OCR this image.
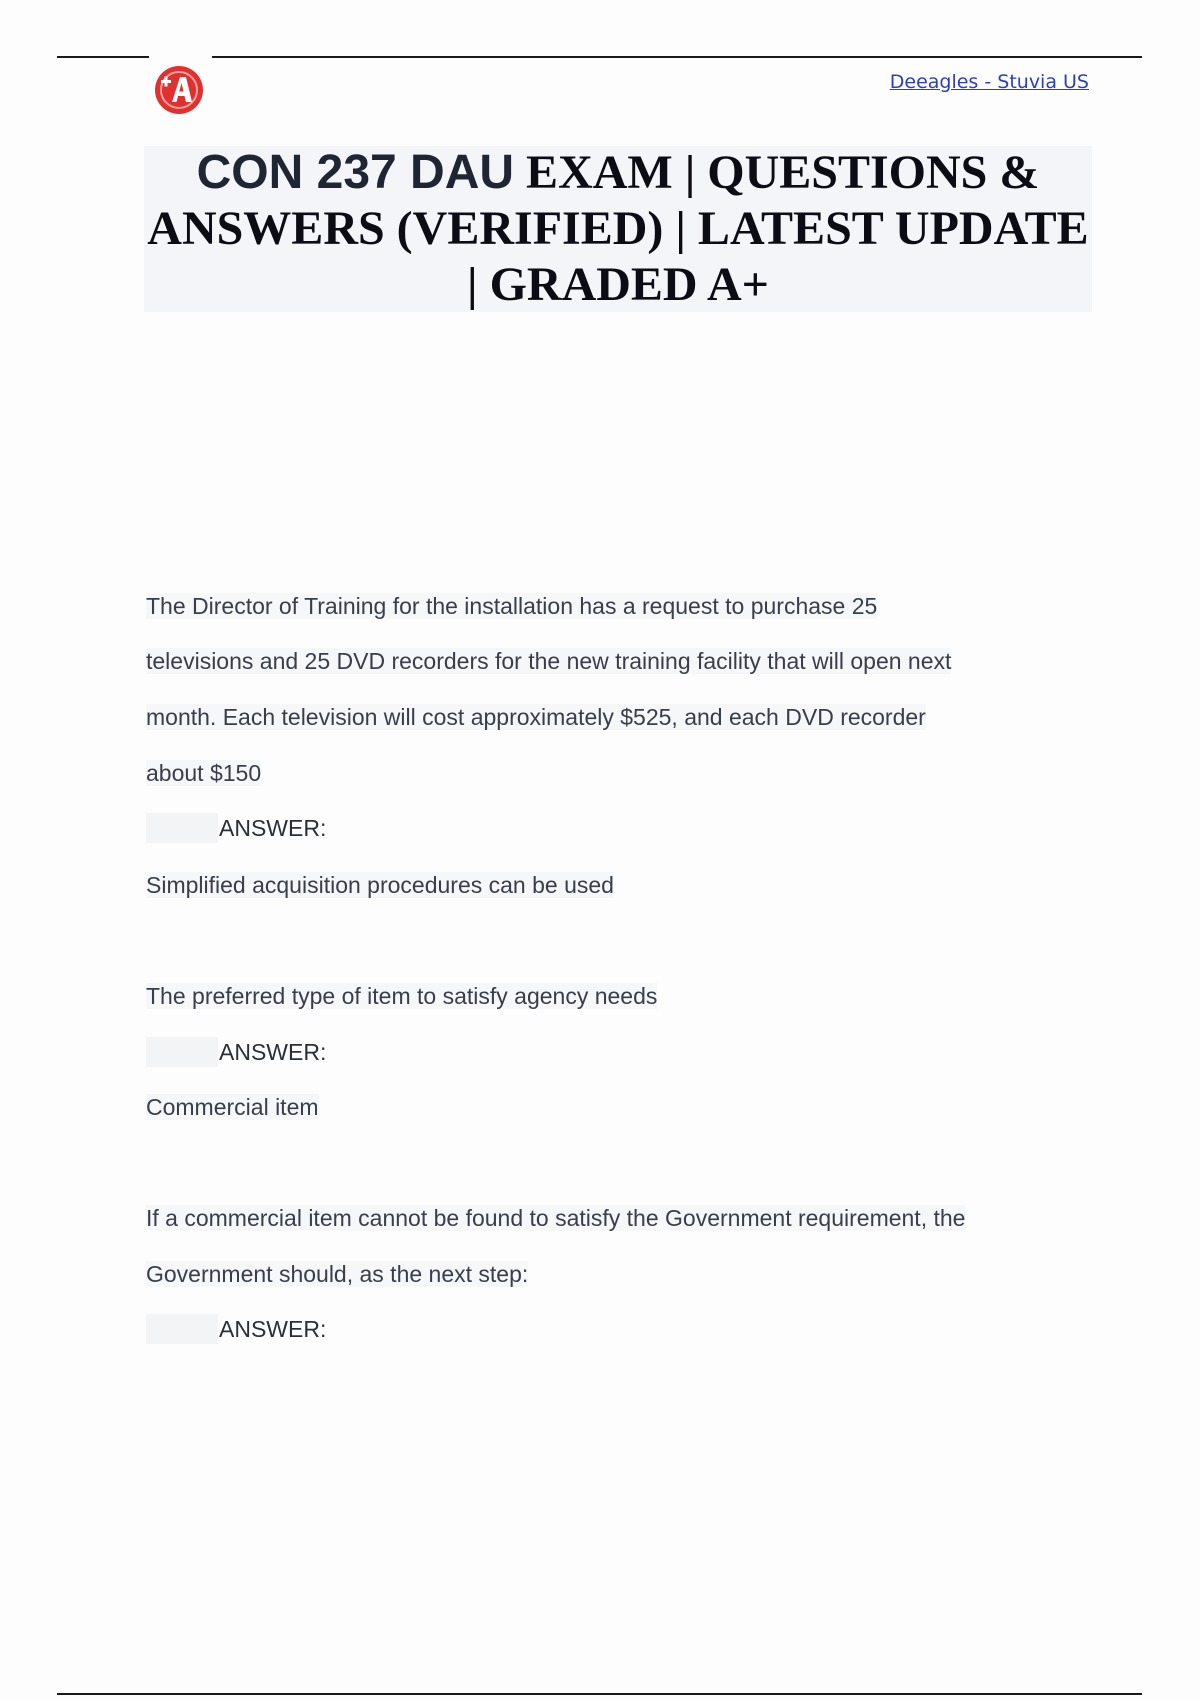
Deeagles - Stuvia US
CON 237 DAU EXAM | QUESTIONS & ANSWERS (VERIFIED) | LATEST UPDATE | GRADED A+
The Director of Training for the installation has a request to purchase 25
televisions and 25 DVD recorders for the new training facility that will open next
month. Each television will cost approximately $525, and each DVD recorder
about $150
ANSWER:
Simplified acquisition procedures can be used
The preferred type of item to satisfy agency needs
ANSWER:
Commercial item
If a commercial item cannot be found to satisfy the Government requirement, the
Government should, as the next step:
ANSWER:
